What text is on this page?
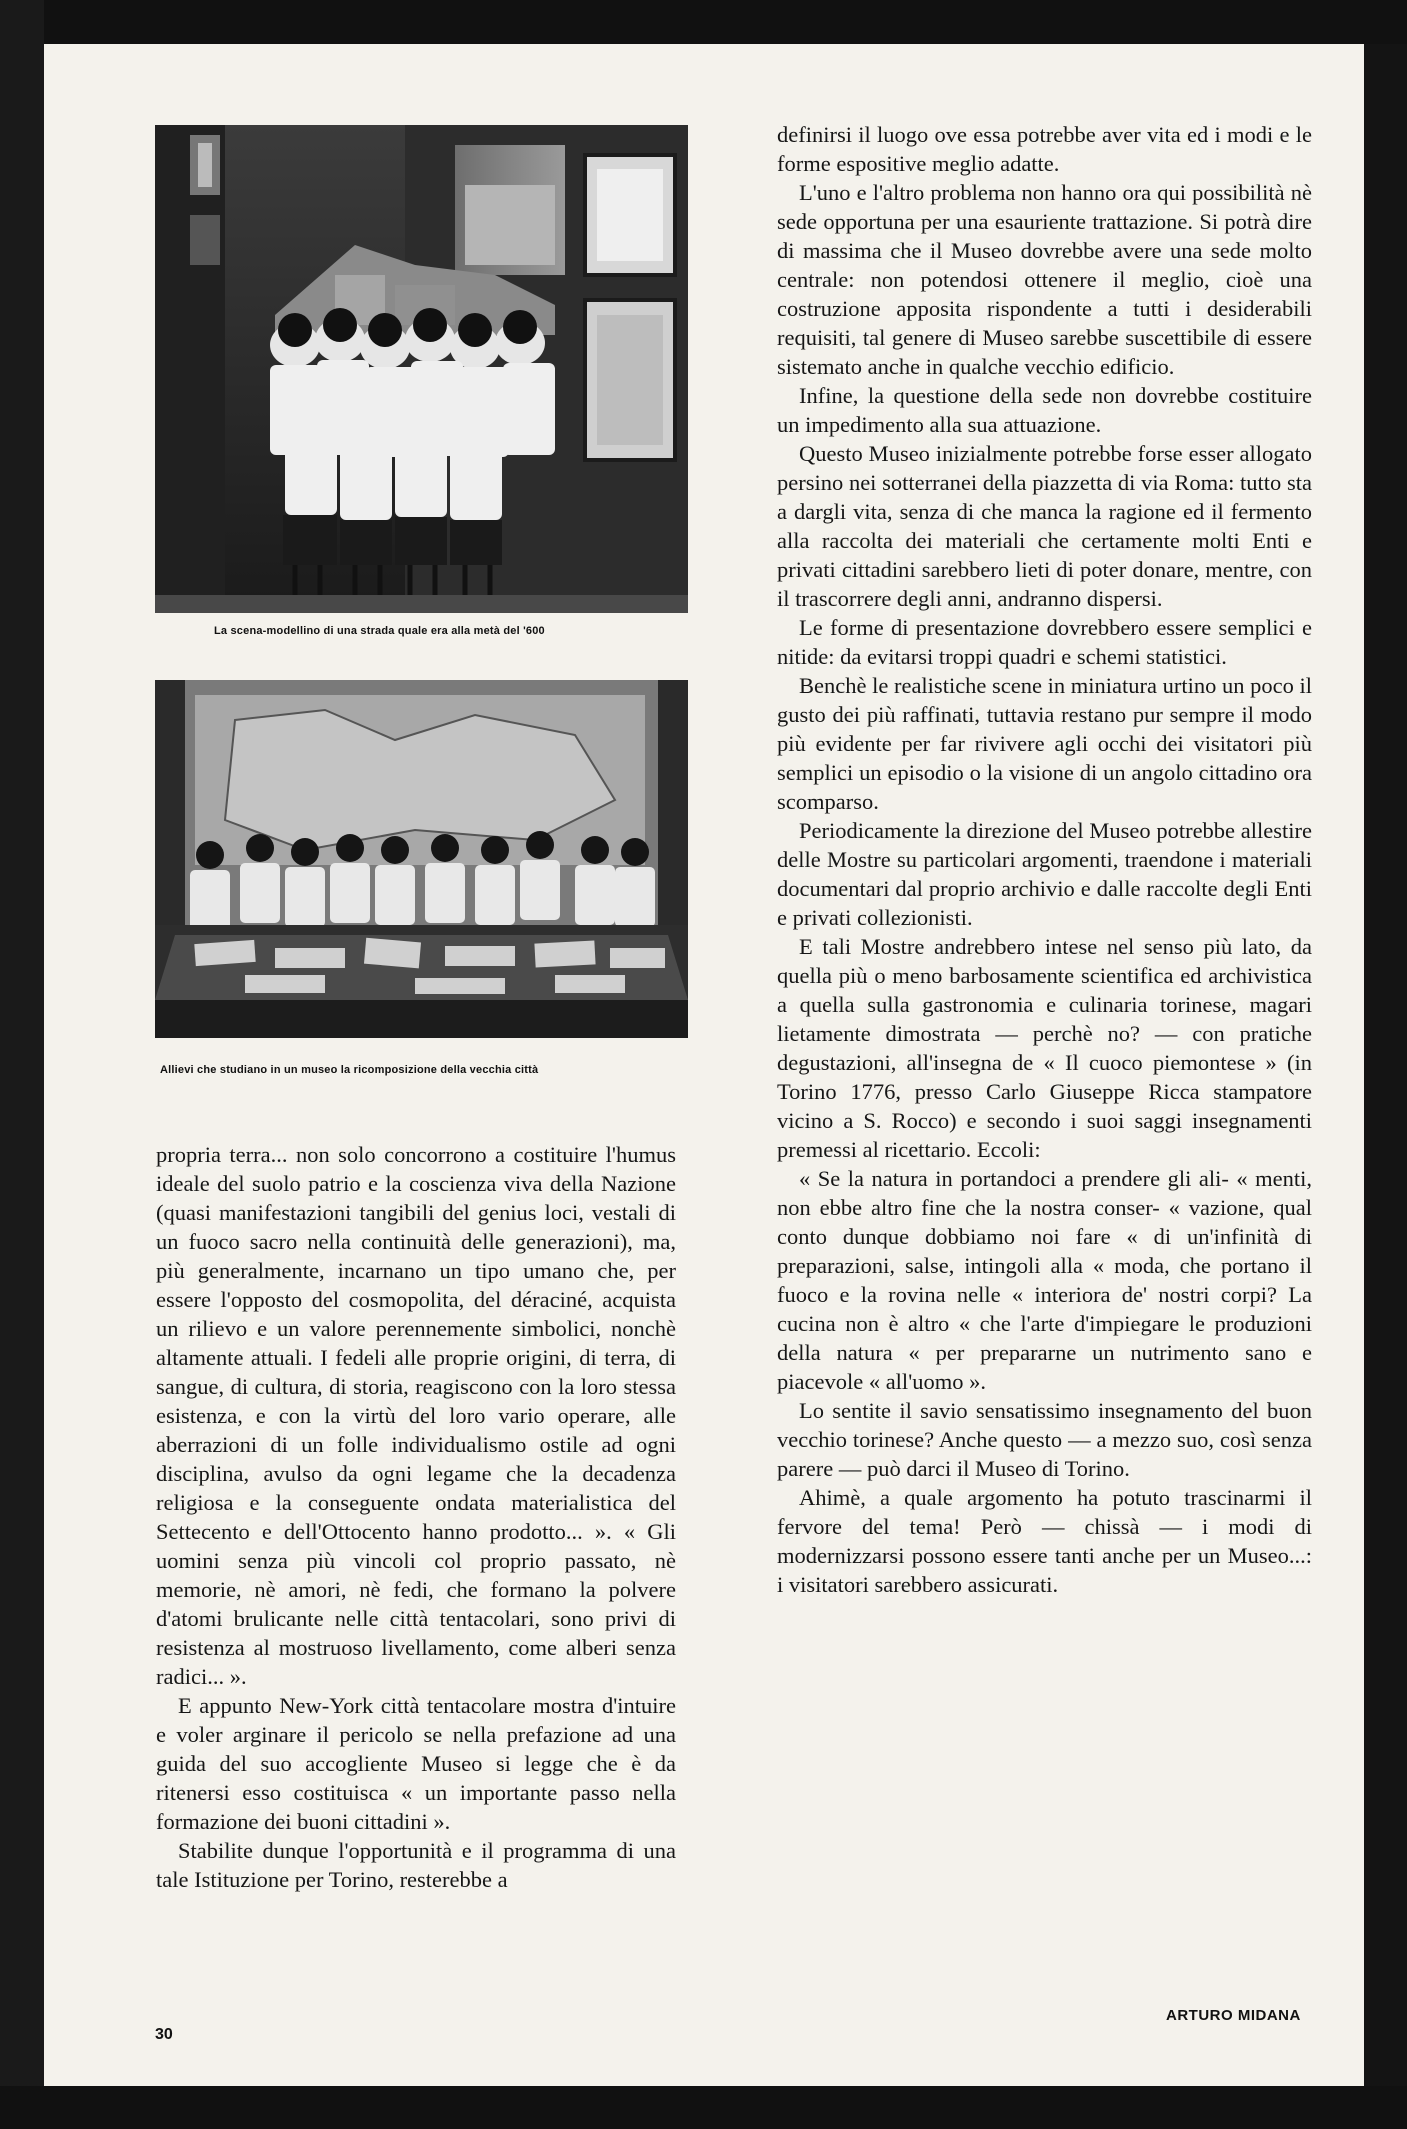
La scena-modellino di una strada quale era alla metà del '600
Allievi che studiano in un museo la ricomposizione della vecchia città

propria terra... non solo concorrono a costituire l'humus ideale del suolo patrio e la coscienza viva della Nazione (quasi manifestazioni tangibili del genius loci, vestali di un fuoco sacro nella continuità delle generazioni), ma, più generalmente, incarnano un tipo umano che, per essere l'opposto del cosmopolita, del déraciné, acquista un rilievo e un valore perennemente simbolici, nonchè altamente attuali. I fedeli alle proprie origini, di terra, di sangue, di cultura, di storia, reagiscono con la loro stessa esistenza, e con la virtù del loro vario operare, alle aberrazioni di un folle individualismo ostile ad ogni disciplina, avulso da ogni legame che la decadenza religiosa e la conseguente ondata materialistica del Settecento e dell'Ottocento hanno prodotto... ». « Gli uomini senza più vincoli col proprio passato, nè memorie, nè amori, nè fedi, che formano la polvere d'atomi brulicante nelle città tentacolari, sono privi di resistenza al mostruoso livellamento, come alberi senza radici... ».

E appunto New-York città tentacolare mostra d'intuire e voler arginare il pericolo se nella prefazione ad una guida del suo accogliente Museo si legge che è da ritenersi esso costituisca « un importante passo nella formazione dei buoni cittadini ».

Stabilite dunque l'opportunità e il programma di una tale Istituzione per Torino, resterebbe a

definirsi il luogo ove essa potrebbe aver vita ed i modi e le forme espositive meglio adatte.

L'uno e l'altro problema non hanno ora qui possibilità nè sede opportuna per una esauriente trattazione. Si potrà dire di massima che il Museo dovrebbe avere una sede molto centrale: non potendosi ottenere il meglio, cioè una costruzione apposita rispondente a tutti i desiderabili requisiti, tal genere di Museo sarebbe suscettibile di essere sistemato anche in qualche vecchio edificio.

Infine, la questione della sede non dovrebbe costituire un impedimento alla sua attuazione.

Questo Museo inizialmente potrebbe forse esser allogato persino nei sotterranei della piazzetta di via Roma: tutto sta a dargli vita, senza di che manca la ragione ed il fermento alla raccolta dei materiali che certamente molti Enti e privati cittadini sarebbero lieti di poter donare, mentre, con il trascorrere degli anni, andranno dispersi.

Le forme di presentazione dovrebbero essere semplici e nitide: da evitarsi troppi quadri e schemi statistici.

Benchè le realistiche scene in miniatura urtino un poco il gusto dei più raffinati, tuttavia restano pur sempre il modo più evidente per far rivivere agli occhi dei visitatori più semplici un episodio o la visione di un angolo cittadino ora scomparso.

Periodicamente la direzione del Museo potrebbe allestire delle Mostre su particolari argomenti, traendone i materiali documentari dal proprio archivio e dalle raccolte degli Enti e privati collezionisti.

E tali Mostre andrebbero intese nel senso più lato, da quella più o meno barbosamente scientifica ed archivistica a quella sulla gastronomia e culinaria torinese, magari lietamente dimostrata — perchè no? — con pratiche degustazioni, all'insegna de « Il cuoco piemontese » (in Torino 1776, presso Carlo Giuseppe Ricca stampatore vicino a S. Rocco) e secondo i suoi saggi insegnamenti premessi al ricettario. Eccoli:

« Se la natura in portandoci a prendere gli ali- « menti, non ebbe altro fine che la nostra conser- « vazione, qual conto dunque dobbiamo noi fare « di un'infinità di preparazioni, salse, intingoli alla « moda, che portano il fuoco e la rovina nelle « interiora de' nostri corpi? La cucina non è altro « che l'arte d'impiegare le produzioni della natura « per prepararne un nutrimento sano e piacevole « all'uomo ».

Lo sentite il savio sensatissimo insegnamento del buon vecchio torinese? Anche questo — a mezzo suo, così senza parere — può darci il Museo di Torino.

Ahimè, a quale argomento ha potuto trascinarmi il fervore del tema! Però — chissà — i modi di modernizzarsi possono essere tanti anche per un Museo...: i visitatori sarebbero assicurati.

ARTURO MIDANA
30
